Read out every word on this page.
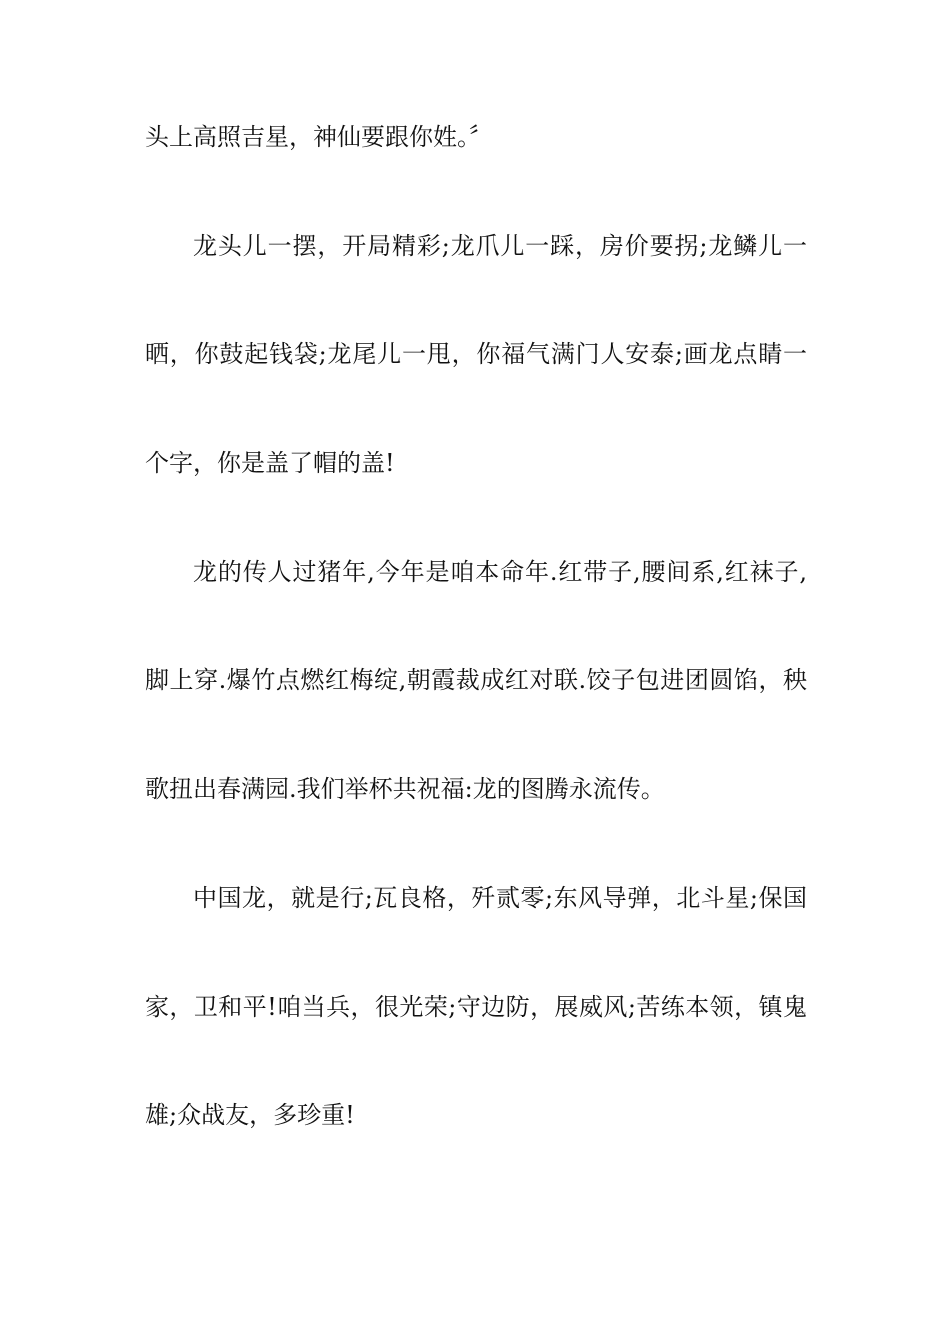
头上高照吉星，神仙要跟你姓。〞
龙头儿一摆，开局精彩;龙爪儿一踩，房价要拐;龙鳞儿一
晒，你鼓起钱袋;龙尾儿一甩，你福气满门人安泰;画龙点睛一
个字，你是盖了帽的盖!
龙的传人过猪年,今年是咱本命年.红带子,腰间系,红袜子,
脚上穿.爆竹点燃红梅绽,朝霞裁成红对联.饺子包进团圆馅，秧
歌扭出春满园.我们举杯共祝福:龙的图腾永流传。
中国龙，就是行;瓦良格，歼贰零;东风导弹，北斗星;保国
家，卫和平!咱当兵，很光荣;守边防，展威风;苦练本领，镇鬼
雄;众战友，多珍重!
